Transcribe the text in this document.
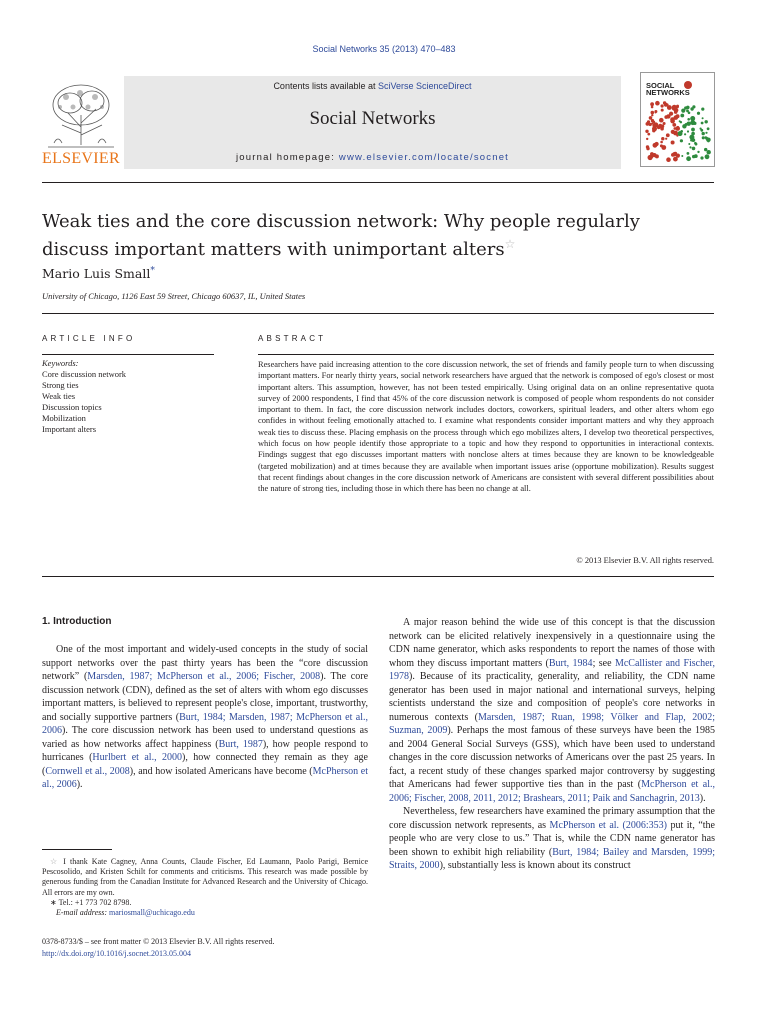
Social Networks 35 (2013) 470–483
ELSEVIER
Contents lists available at SciVerse ScienceDirect
Social Networks
journal homepage: www.elsevier.com/locate/socnet
SOCIAL
NETWORKS
Weak ties and the core discussion network: Why people regularly discuss important matters with unimportant alters☆
Mario Luis Small*
University of Chicago, 1126 East 59 Street, Chicago 60637, IL, United States
ARTICLE INFO
Keywords:
Core discussion network
Strong ties
Weak ties
Discussion topics
Mobilization
Important alters
ABSTRACT
Researchers have paid increasing attention to the core discussion network, the set of friends and family people turn to when discussing important matters. For nearly thirty years, social network researchers have argued that the network is composed of ego's closest or most important alters. This assumption, however, has not been tested empirically. Using original data on an online representative quota survey of 2000 respondents, I find that 45% of the core discussion network is composed of people whom respondents do not consider important to them. In fact, the core discussion network includes doctors, coworkers, spiritual leaders, and other alters whom ego confides in without feeling emotionally attached to. I examine what respondents consider important matters and why they approach weak ties to discuss these. Placing emphasis on the process through which ego mobilizes alters, I develop two theoretical perspectives, which focus on how people identify those appropriate to a topic and how they respond to opportunities in interactional contexts. Findings suggest that ego discusses important matters with nonclose alters at times because they are known to be knowledgeable (targeted mobilization) and at times because they are available when important issues arise (opportune mobilization). Results suggest that recent findings about changes in the core discussion network of Americans are consistent with several different possibilities about the nature of strong ties, including those in which there has been no change at all.
© 2013 Elsevier B.V. All rights reserved.
1. Introduction

One of the most important and widely-used concepts in the study of social support networks over the past thirty years has been the “core discussion network” (Marsden, 1987; McPherson et al., 2006; Fischer, 2008). The core discussion network (CDN), defined as the set of alters with whom ego discusses important matters, is believed to represent people's close, important, trustworthy, and socially supportive partners (Burt, 1984; Marsden, 1987; McPherson et al., 2006). The core discussion network has been used to understand questions as varied as how networks affect happiness (Burt, 1987), how people respond to hurricanes (Hurlbert et al., 2000), how connected they remain as they age (Cornwell et al., 2008), and how isolated Americans have become (McPherson et al., 2006).

A major reason behind the wide use of this concept is that the discussion network can be elicited relatively inexpensively in a questionnaire using the CDN name generator, which asks respondents to report the names of those with whom they discuss important matters (Burt, 1984; see McCallister and Fischer, 1978). Because of its practicality, generality, and reliability, the CDN name generator has been used in major national and international surveys, helping scientists understand the size and composition of people's core networks in numerous contexts (Marsden, 1987; Ruan, 1998; Völker and Flap, 2002; Suzman, 2009). Perhaps the most famous of these surveys have been the 1985 and 2004 General Social Surveys (GSS), which have been used to understand changes in the core discussion networks of Americans over the past 25 years. In fact, a recent study of these changes sparked major controversy by suggesting that Americans had fewer supportive ties than in the past (McPherson et al., 2006; Fischer, 2008, 2011, 2012; Brashears, 2011; Paik and Sanchagrin, 2013).

Nevertheless, few researchers have examined the primary assumption that the core discussion network represents, as McPherson et al. (2006:353) put it, “the people who are very close to us.” That is, while the CDN name generator has been shown to exhibit high reliability (Burt, 1984; Bailey and Marsden, 1999; Straits, 2000), substantially less is known about its construct

☆ I thank Kate Cagney, Anna Counts, Claude Fischer, Ed Laumann, Paolo Parigi, Bernice Pescosolido, and Kristen Schilt for comments and criticisms. This research was made possible by generous funding from the Canadian Institute for Advanced Research and the University of Chicago. All errors are my own.
∗ Tel.: +1 773 702 8798.
E-mail address: mariosmall@uchicago.edu
0378-8733/$ – see front matter © 2013 Elsevier B.V. All rights reserved.
http://dx.doi.org/10.1016/j.socnet.2013.05.004
